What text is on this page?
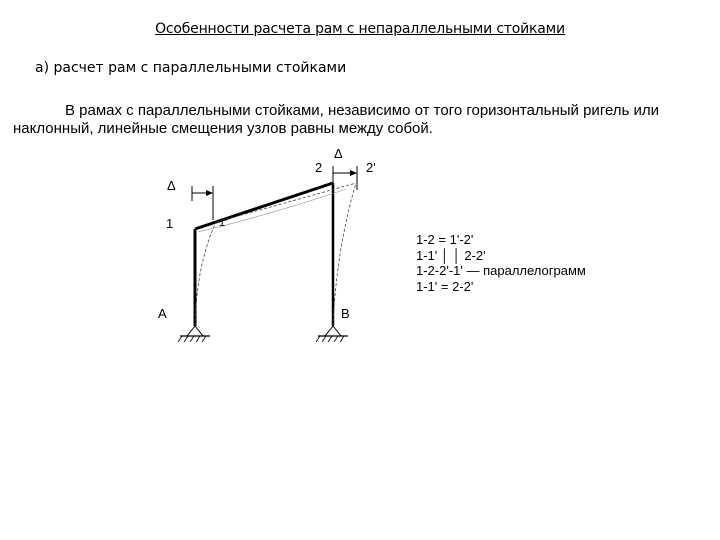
Особенности расчета рам с непараллельными стойками
а) расчет рам с параллельными стойками
В рамах с параллельными стойками, независимо от того горизонтальный ригель или
наклонный, линейные смещения узлов равны между собой.
Δ
Δ
1	1'
2	2'
A	B
1-2 = 1'-2'
1-1' │ │ 2-2'
1-2-2'-1' — параллелограмм
1-1' = 2-2'
